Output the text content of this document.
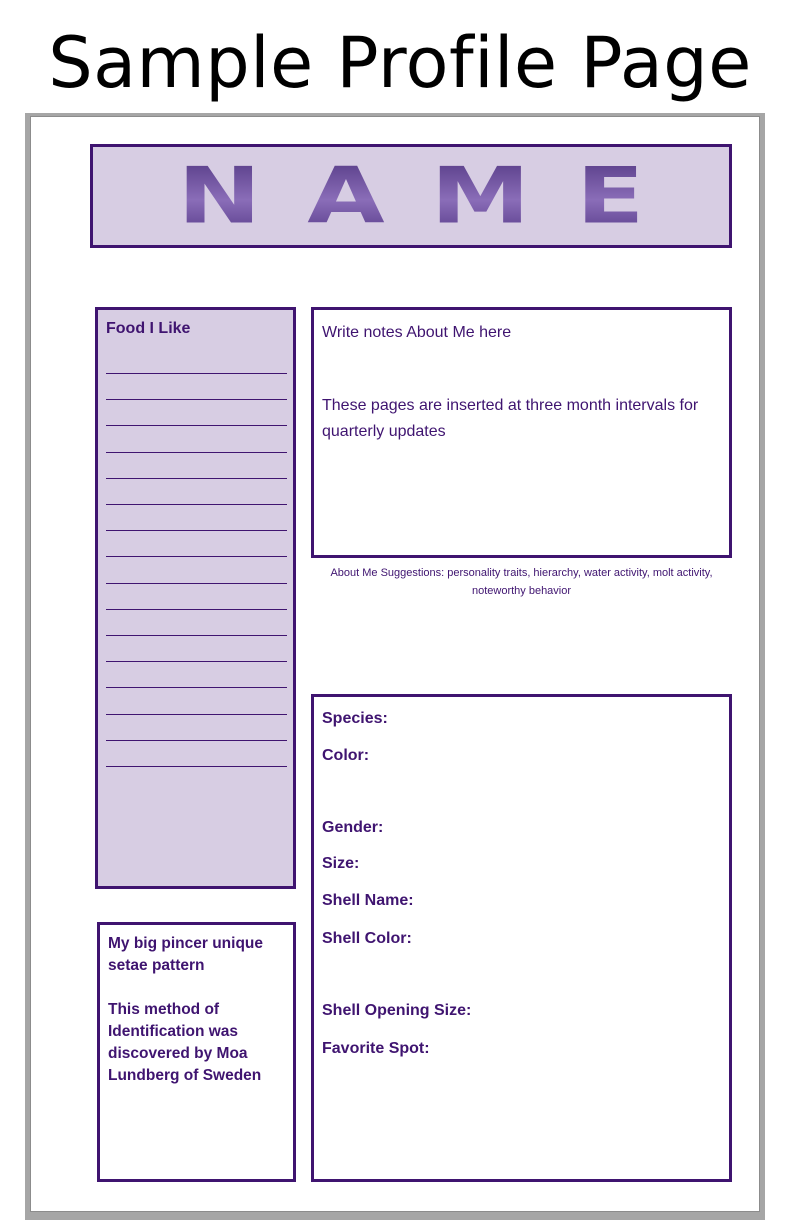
Sample Profile Page
NAME
Food I Like	Write notes About Me here

These pages are inserted at three month intervals for quarterly updates

About Me Suggestions: personality traits, hierarchy, water activity, molt activity, noteworthy behavior

My big pincer unique setae pattern

This method of Identification was discovered by Moa Lundberg of Sweden

Species:
Color:
Gender:
Size:
Shell Name:
Shell Color:
Shell Opening Size:
Favorite Spot:
